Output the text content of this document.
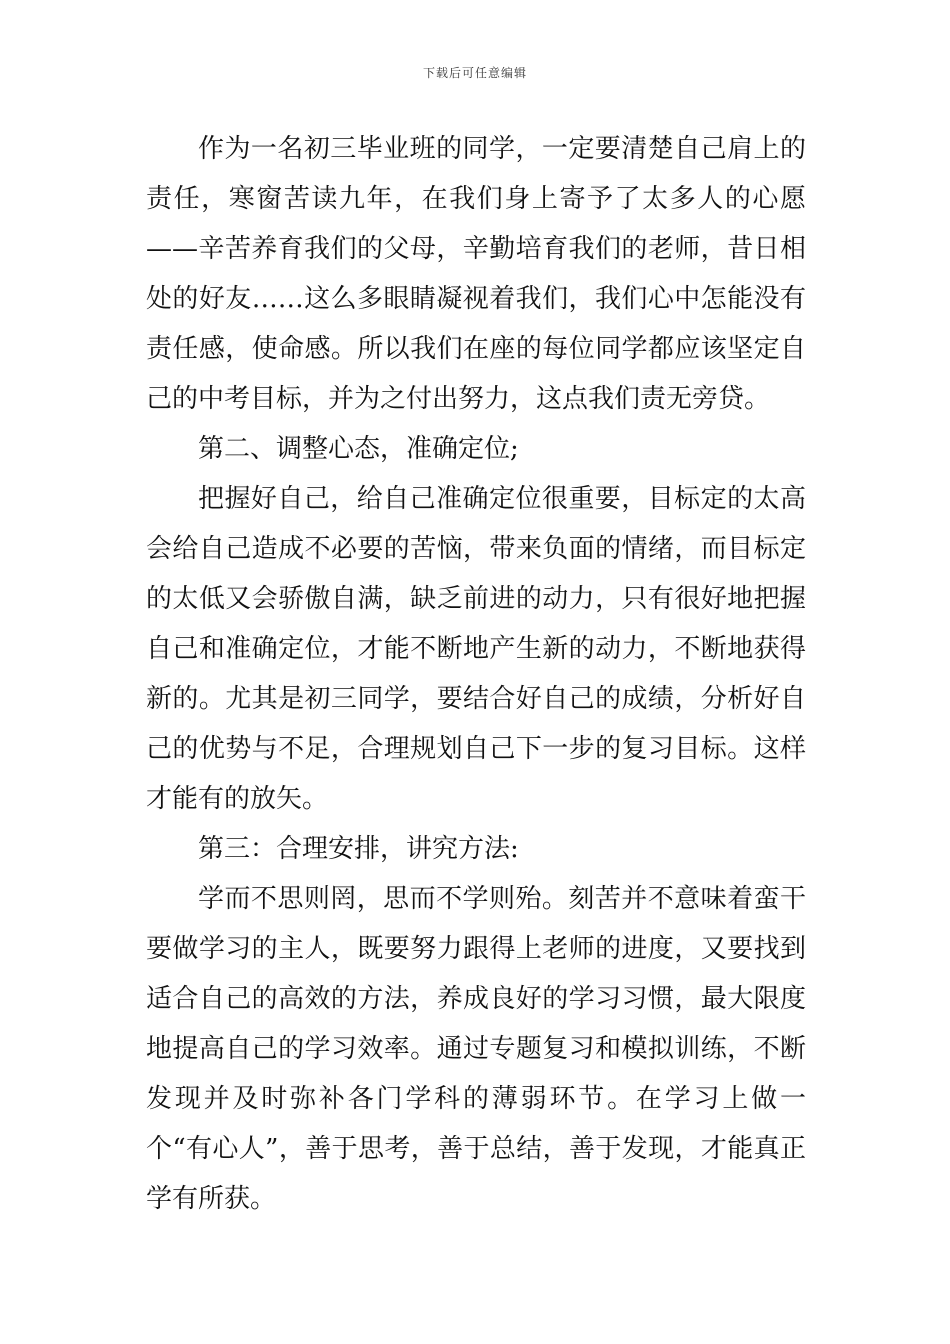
下载后可任意编辑

作为一名初三毕业班的同学，一定要清楚自己肩上的责任，寒窗苦读九年，在我们身上寄予了太多人的心愿——辛苦养育我们的父母，辛勤培育我们的老师，昔日相处的好友……这么多眼睛凝视着我们，我们心中怎能没有责任感，使命感。所以我们在座的每位同学都应该坚定自己的中考目标，并为之付出努力，这点我们责无旁贷。

第二、调整心态，准确定位;

把握好自己，给自己准确定位很重要，目标定的太高会给自己造成不必要的苦恼，带来负面的情绪，而目标定的太低又会骄傲自满，缺乏前进的动力，只有很好地把握自己和准确定位，才能不断地产生新的动力，不断地获得新的。尤其是初三同学，要结合好自己的成绩，分析好自己的优势与不足，合理规划自己下一步的复习目标。这样才能有的放矢。

第三：合理安排，讲究方法:

学而不思则罔，思而不学则殆。刻苦并不意味着蛮干要做学习的主人，既要努力跟得上老师的进度，又要找到适合自己的高效的方法，养成良好的学习习惯，最大限度地提高自己的学习效率。通过专题复习和模拟训练，不断发现并及时弥补各门学科的薄弱环节。在学习上做一个“有心人”，善于思考，善于总结，善于发现，才能真正学有所获。
